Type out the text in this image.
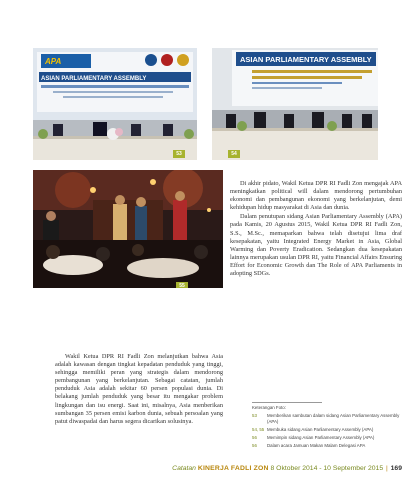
APA
ASIAN PARLIAMENTARY ASSEMBLY
53
ASIAN PARLIAMENTARY ASSEMBLY
54
55

Di akhir pidato, Wakil Ketua DPR RI Fadli Zon mengajak APA meningkatkan political will dalam mendorong pertumbuhan ekonomi dan pembangunan ekonomi yang berkelanjutan, demi kehidupan hidup masyarakat di Asia dan dunia.

Dalam penutupan sidang Asian Parliamentary Assembly (APA) pada Kamis, 20 Agustus 2015, Wakil Ketua DPR RI Fadli Zon, S.S., M.Sc., memaparkan bahwa telah disetujui lima draf kesepakatan, yaitu Integrated Energy Market in Asia, Global Warming dan Poverty Eradication. Sedangkan dua kesepakatan lainnya merupakan usulan DPR RI, yaitu Financial Affairs Ensuring Effort for Economic Growth dan The Role of APA Parliaments in adopting SDGs.

Wakil Ketua DPR RI Fadli Zon melanjutkan bahwa Asia adalah kawasan dengan tingkat kepadatan penduduk yang tinggi, sehingga memiliki peran yang strategis dalam mendorong pembangunan yang berkelanjutan. Sebagai catatan, jumlah penduduk Asia adalah sekitar 60 persen populasi dunia. Di belakang jumlah penduduk yang besar itu mengakar problem lingkungan dan isu energi. Saat ini, misalnya, Asia menberikan sumbangan 35 persen emisi karbon dunia, sebuah persoalan yang patut diwaspadai dan harus segera dicarikan solusinya.

Keterangan Foto:
53	Memberikan sambutan dalam sidang Asian Parliamentary Assembly (APA)
54, 55 Membuka sidang Asian Parliamentary Assembly (APA)
56	Memimpin sidang Asian Parliamentary Assembly (APA)
56	Dalam acara Jamuan Makan Malam Delegasi APA
Catatan KINERJA FADLI ZON 8 Oktober 2014 - 10 September 2015 | 169
